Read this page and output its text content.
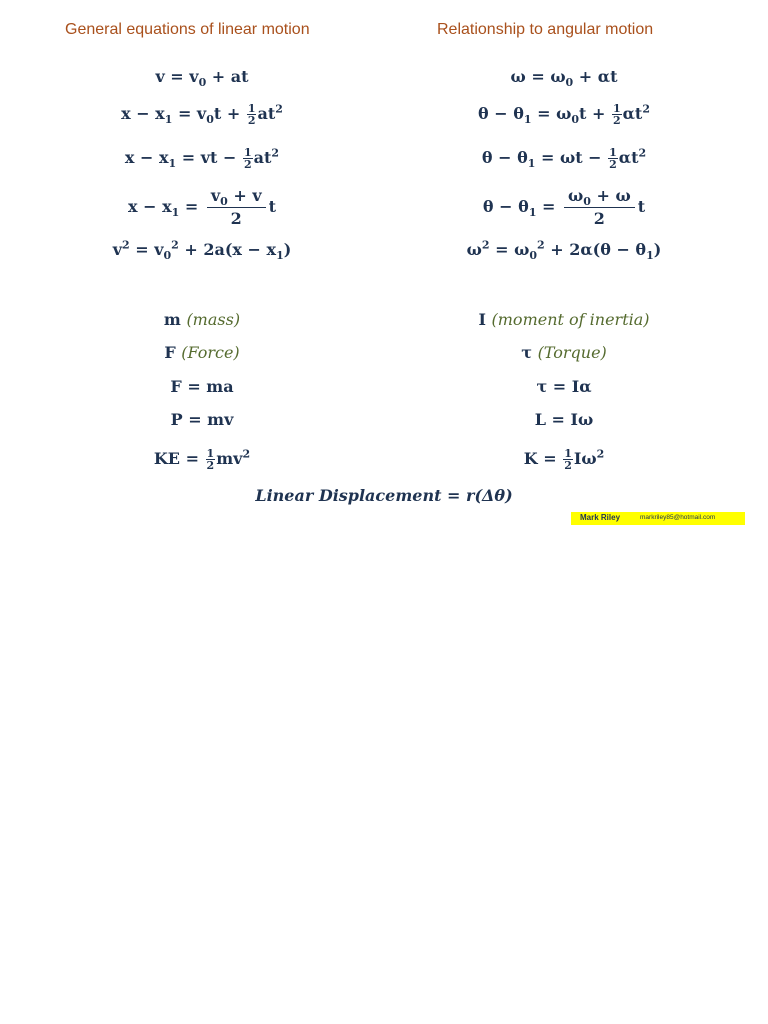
General equations of linear motion	Relationship to angular motion
$v = v_0$ + at
$x - x_1 = v_0t + \frac{1}{2} at^2$
$x - x_1$ = vt − $\frac{1}{2} at^2$
$x - x_1 = \frac{v_0 + v}{2}$ t
$v^2 = v_0^2 + 2a(x - x_1)$
m (mass)
F (Force)
F = ma
P = mv
KE = $\frac{1}{2} mv^2$
$\omega = \omega_0 + \alpha t$
$\theta - \theta_1 = \omega_0t + \frac{1}{2} \alpha t^2$
$\theta - \theta_1 = \omega t - \frac{1}{2} \alpha t^2$
$\theta - \theta_1 = \frac{\omega_0 + \omega}{2}$ t
$\omega^2 = \omega_0^2 + 2\alpha(\theta - \theta_1)$
I (moment of inertia)
τ (Torque)
τ = Iα
L = Iω
$K = \frac{1}{2} I\omega^2$
Linear Displacement = r(Δθ)
Mark Riley	markriley85@hotmail.com
